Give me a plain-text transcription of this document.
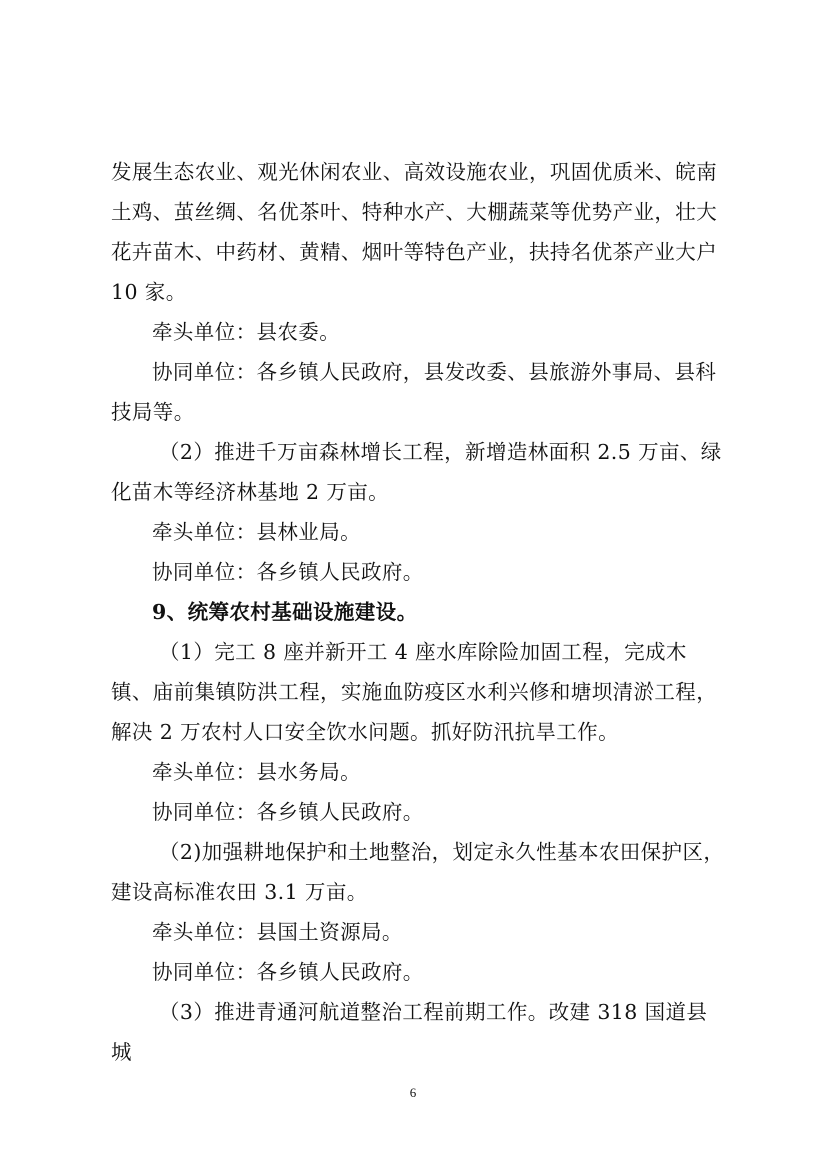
发展生态农业、观光休闲农业、高效设施农业，巩固优质米、皖南土鸡、茧丝绸、名优茶叶、特种水产、大棚蔬菜等优势产业，壮大花卉苗木、中药材、黄精、烟叶等特色产业，扶持名优茶产业大户 10 家。

牵头单位：县农委。

协同单位：各乡镇人民政府，县发改委、县旅游外事局、县科技局等。

（2）推进千万亩森林增长工程，新增造林面积 2.5 万亩、绿化苗木等经济林基地 2 万亩。

牵头单位：县林业局。

协同单位：各乡镇人民政府。

9、统筹农村基础设施建设。

（1）完工 8 座并新开工 4 座水库除险加固工程，完成木镇、庙前集镇防洪工程，实施血防疫区水利兴修和塘坝清淤工程，解决 2 万农村人口安全饮水问题。抓好防汛抗旱工作。

牵头单位：县水务局。

协同单位：各乡镇人民政府。

（2)加强耕地保护和土地整治，划定永久性基本农田保护区，建设高标准农田 3.1 万亩。

牵头单位：县国土资源局。

协同单位：各乡镇人民政府。

（3）推进青通河航道整治工程前期工作。改建 318 国道县城

6
